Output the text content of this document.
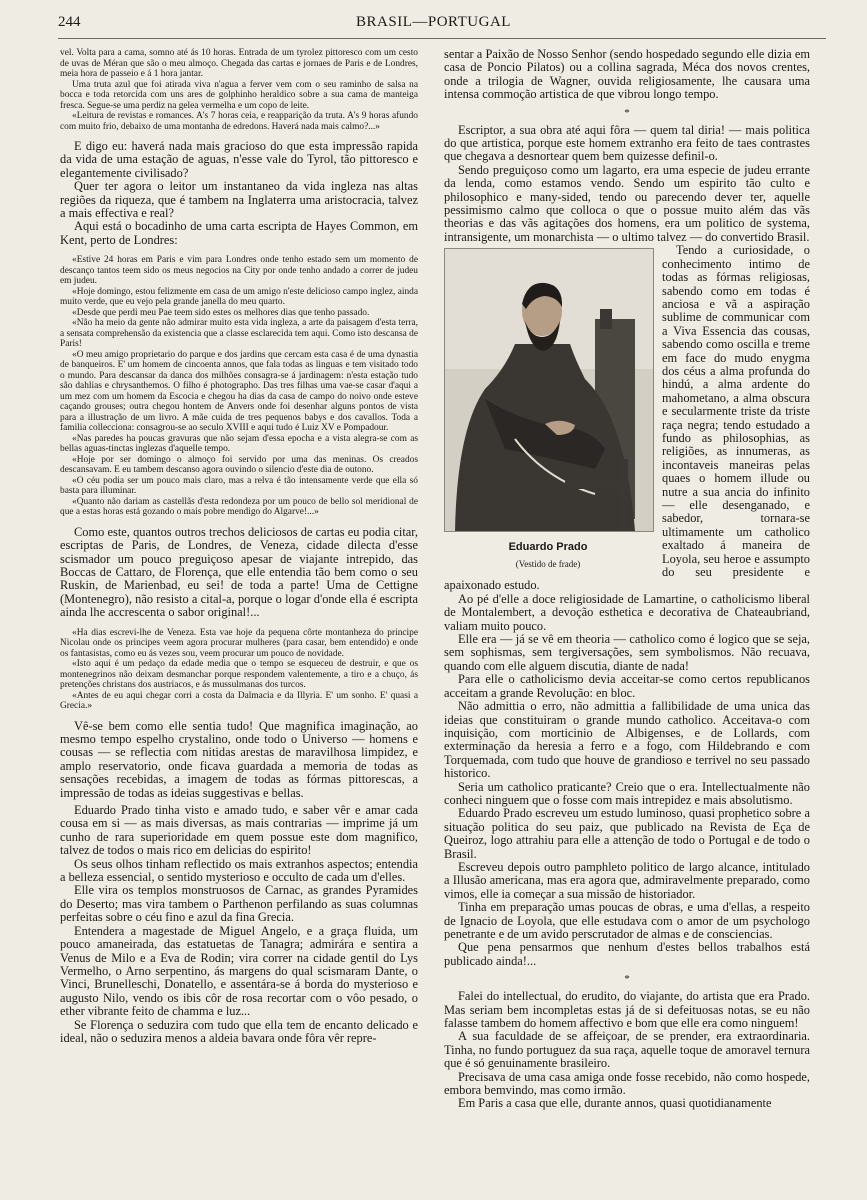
244	BRASIL—PORTUGAL

vel. Volta para a cama, somno até ás 10 horas. Entrada de um tyrolez pittoresco com um cesto de uvas de Méran que são o meu almoço. Chegada das cartas e jornaes de Paris e de Londres, meia hora de passeio e á 1 hora jantar.

Uma truta azul que foi atirada viva n'agua a ferver vem com o seu raminho de salsa na bocca e toda retorcida com uns ares de golphinho heraldico sobre a sua cama de manteiga fresca. Segue-se uma perdiz na gelea vermelha e um copo de leite.

«Leitura de revistas e romances. A's 7 horas ceia, e reapparição da truta. A's 9 horas afundo com muito frio, debaixo de uma montanha de edredons. Haverá nada mais calmo?...»

E digo eu: haverá nada mais gracioso do que esta impressão rapida da vida de uma estação de aguas, n'esse vale do Tyrol, tão pittoresco e elegantemente civilisado?

Quer ter agora o leitor um instantaneo da vida ingleza nas altas regiões da riqueza, que é tambem na Inglaterra uma aristocracia, talvez a mais effectiva e real?

Aqui está o bocadinho de uma carta escripta de Hayes Common, em Kent, perto de Londres:

«Estive 24 horas em Paris e vim para Londres onde tenho estado sem um momento de descanço tantos teem sido os meus negocios na City por onde tenho andado a correr de judeu em judeu.

«Hoje domingo, estou felizmente em casa de um amigo n'este delicioso campo inglez, ainda muito verde, que eu vejo pela grande janella do meu quarto.

«Desde que perdi meu Pae teem sido estes os melhores dias que tenho passado.

«Não ha meio da gente não admirar muito esta vida ingleza, a arte da paisagem d'esta terra, a sensata comprehensão da existencia que a classe esclarecida tem aqui. Como isto descansa de Paris!

«O meu amigo proprietario do parque e dos jardins que cercam esta casa é de uma dynastia de banqueiros. E' um homem de cincoenta annos, que fala todas as linguas e tem visitado todo o mundo. Para descansar da danca dos milhões consagra-se á jardinagem: n'esta estação tudo são dahlias e chrysanthemos. O filho é photographo. Das tres filhas uma vae-se casar d'aqui a um mez com um homem da Escocia e chegou ha dias da casa de campo do noivo onde esteve caçando grouses; outra chegou hontem de Anvers onde foi desenhar alguns pontos de vista para a illustração de um livro. A mãe cuida de tres pequenos babys e dos cavallos. Toda a familia collecciona: consagrou-se ao seculo XVIII e aqui tudo é Luiz XV e Pompadour.

«Nas paredes ha poucas gravuras que não sejam d'essa epocha e a vista alegra-se com as bellas aguas-tinctas inglezas d'aquelle tempo.

«Hoje por ser domingo o almoço foi servido por uma das meninas. Os creados descansavam. E eu tambem descanso agora ouvindo o silencio d'este dia de outono.

«O céu podia ser um pouco mais claro, mas a relva é tão intensamente verde que ella só basta para illuminar.

«Quanto não dariam as castellãs d'esta redondeza por um pouco de bello sol meridional de que a estas horas está gozando o mais pobre mendigo do Algarve!...»

Como este, quantos outros trechos deliciosos de cartas eu podia citar, escriptas de Paris, de Londres, de Veneza, cidade dilecta d'esse scismador um pouco preguiçoso apesar de viajante intrepido, das Boccas de Cattaro, de Florença, que elle entendia tão bem como o seu Ruskin, de Marienbad, eu sei! de toda a parte! Uma de Cettigne (Montenegro), não resisto a cital-a, porque o logar d'onde ella é escripta ainda lhe accrescenta o sabor original!...

«Ha dias escrevi-lhe de Veneza. Esta vae hoje da pequena côrte montanheza do principe Nicolau onde os principes veem agora procurar mulheres (para casar, bem entendido) e onde os fantasistas, como eu ás vezes sou, veem procurar um pouco de novidade.

«Isto aqui é um pedaço da edade media que o tempo se esqueceu de destruir, e que os montenegrinos não deixam desmanchar porque respondem valentemente, a tiro e a chuço, ás pretenções christans dos austriacos, e ás mussulmanas dos turcos.

«Antes de eu aqui chegar corri a costa da Dalmacia e da Illyria. E' um sonho. E' quasi a Grecia.»

Vê-se bem como elle sentia tudo! Que magnifica imaginação, ao mesmo tempo espelho crystalino, onde todo o Universo — homens e cousas — se reflectia com nitidas arestas de maravilhosa limpidez, e amplo reservatorio, onde ficava guardada a memoria de todas as sensações recebidas, a imagem de todas as fórmas pittorescas, a impressão de todas as ideias suggestivas e bellas.

Eduardo Prado tinha visto e amado tudo, e saber vêr e amar cada cousa em si — as mais diversas, as mais contrarias — imprime já um cunho de rara superioridade em quem possue este dom magnifico, talvez de todos o mais rico em delicias do espirito!

Os seus olhos tinham reflectido os mais extranhos aspectos; entendia a belleza essencial, o sentido mysterioso e occulto de cada um d'elles.

Elle vira os templos monstruosos de Carnac, as grandes Pyramides do Deserto; mas vira tambem o Parthenon perfilando as suas columnas perfeitas sobre o céu fino e azul da fina Grecia.

Entendera a magestade de Miguel Angelo, e a graça fluida, um pouco amaneirada, das estatuetas de Tanagra; admirára e sentira a Venus de Milo e a Eva de Rodin; vira correr na cidade gentil do Lys Vermelho, o Arno serpentino, ás margens do qual scismaram Dante, o Vinci, Brunelleschi, Donatello, e assentára-se á borda do mysterioso e augusto Nilo, vendo os ibis côr de rosa recortar com o vôo pesado, o ether vibrante feito de chamma e luz...

Se Florença o seduzira com tudo que ella tem de encanto delicado e ideal, não o seduzira menos a aldeia bavara onde fôra vêr repre-

sentar a Paixão de Nosso Senhor (sendo hospedado segundo elle dizia em casa de Poncio Pilatos) ou a collina sagrada, Méca dos novos crentes, onde a trilogia de Wagner, ouvida religiosamente, lhe causara uma intensa commoção artistica de que vibrou longo tempo.

*

Escriptor, a sua obra até aqui fôra — quem tal diria! — mais politica do que artistica, porque este homem extranho era feito de taes contrastes que chegava a desnortear quem bem quizesse definil-o.

Sendo preguiçoso como um lagarto, era uma especie de judeu errante da lenda, como estamos vendo. Sendo um espirito tão culto e philosophico e many-sided, tendo ou parecendo dever ter, aquelle pessimismo calmo que colloca o que o possue muito além das vãs theorias e das vãs agitações dos homens, era um politico de systema, intransigente, um monarchista — o ultimo talvez — do convertido Brasil.

Eduardo Prado
(Vestido de frade)

Tendo a curiosidade, o conhecimento intimo de todas as fórmas religiosas, sabendo como em todas é anciosa e vã a aspiração sublime de communicar com a Viva Essencia das cousas, sabendo como oscilla e treme em face do mudo enygma dos céus a alma profunda do hindú, a alma ardente do mahometano, a alma obscura e secularmente triste da triste raça negra; tendo estudado a fundo as philosophias, as religiões, as innumeras, as incontaveis maneiras pelas quaes o homem illude ou nutre a sua ancia do infinito — elle desenganado, e sabedor, tornara-se ultimamente um catholico exaltado á maneira de Loyola, seu heroe e assumpto do seu presidente e apaixonado estudo.

Ao pé d'elle a doce religiosidade de Lamartine, o catholicismo liberal de Montalembert, a devoção esthetica e decorativa de Chateaubriand, valiam muito pouco.

Elle era — já se vê em theoria — catholico como é logico que se seja, sem sophismas, sem tergiversações, sem symbolismos. Não recuava, quando com elle alguem discutia, diante de nada!

Para elle o catholicismo devia acceitar-se como certos republicanos acceitam a grande Revolução: en bloc.

Não admittia o erro, não admittia a fallibilidade de uma unica das ideias que constituiram o grande mundo catholico. Acceitava-o com inquisição, com morticinio de Albigenses, e de Lollards, com exterminação da heresia a ferro e a fogo, com Hildebrando e com Torquemada, com tudo que houve de grandioso e terrivel no seu passado historico.

Seria um catholico praticante? Creio que o era. Intellectualmente não conheci ninguem que o fosse com mais intrepidez e mais absolutismo.

Eduardo Prado escreveu um estudo luminoso, quasi prophetico sobre a situação politica do seu paiz, que publicado na Revista de Eça de Queiroz, logo attrahiu para elle a attenção de todo o Portugal e de todo o Brasil.

Escreveu depois outro pamphleto politico de largo alcance, intitulado a Illusão americana, mas era agora que, admiravelmente preparado, como vimos, elle ia começar a sua missão de historiador.

Tinha em preparação umas poucas de obras, e uma d'ellas, a respeito de Ignacio de Loyola, que elle estudava com o amor de um psychologo penetrante e de um avido perscrutador de almas e de consciencias.

Que pena pensarmos que nenhum d'estes bellos trabalhos está publicado ainda!...

*

Falei do intellectual, do erudito, do viajante, do artista que era Prado. Mas seriam bem incompletas estas já de si defeituosas notas, se eu não falasse tambem do homem affectivo e bom que elle era como ninguem!

A sua faculdade de se affeiçoar, de se prender, era extraordinaria. Tinha, no fundo portuguez da sua raça, aquelle toque de amoravel ternura que é só genuinamente brasileiro.

Precisava de uma casa amiga onde fosse recebido, não como hospede, embora bemvindo, mas como irmão.

Em Paris a casa que elle, durante annos, quasi quotidianamente
